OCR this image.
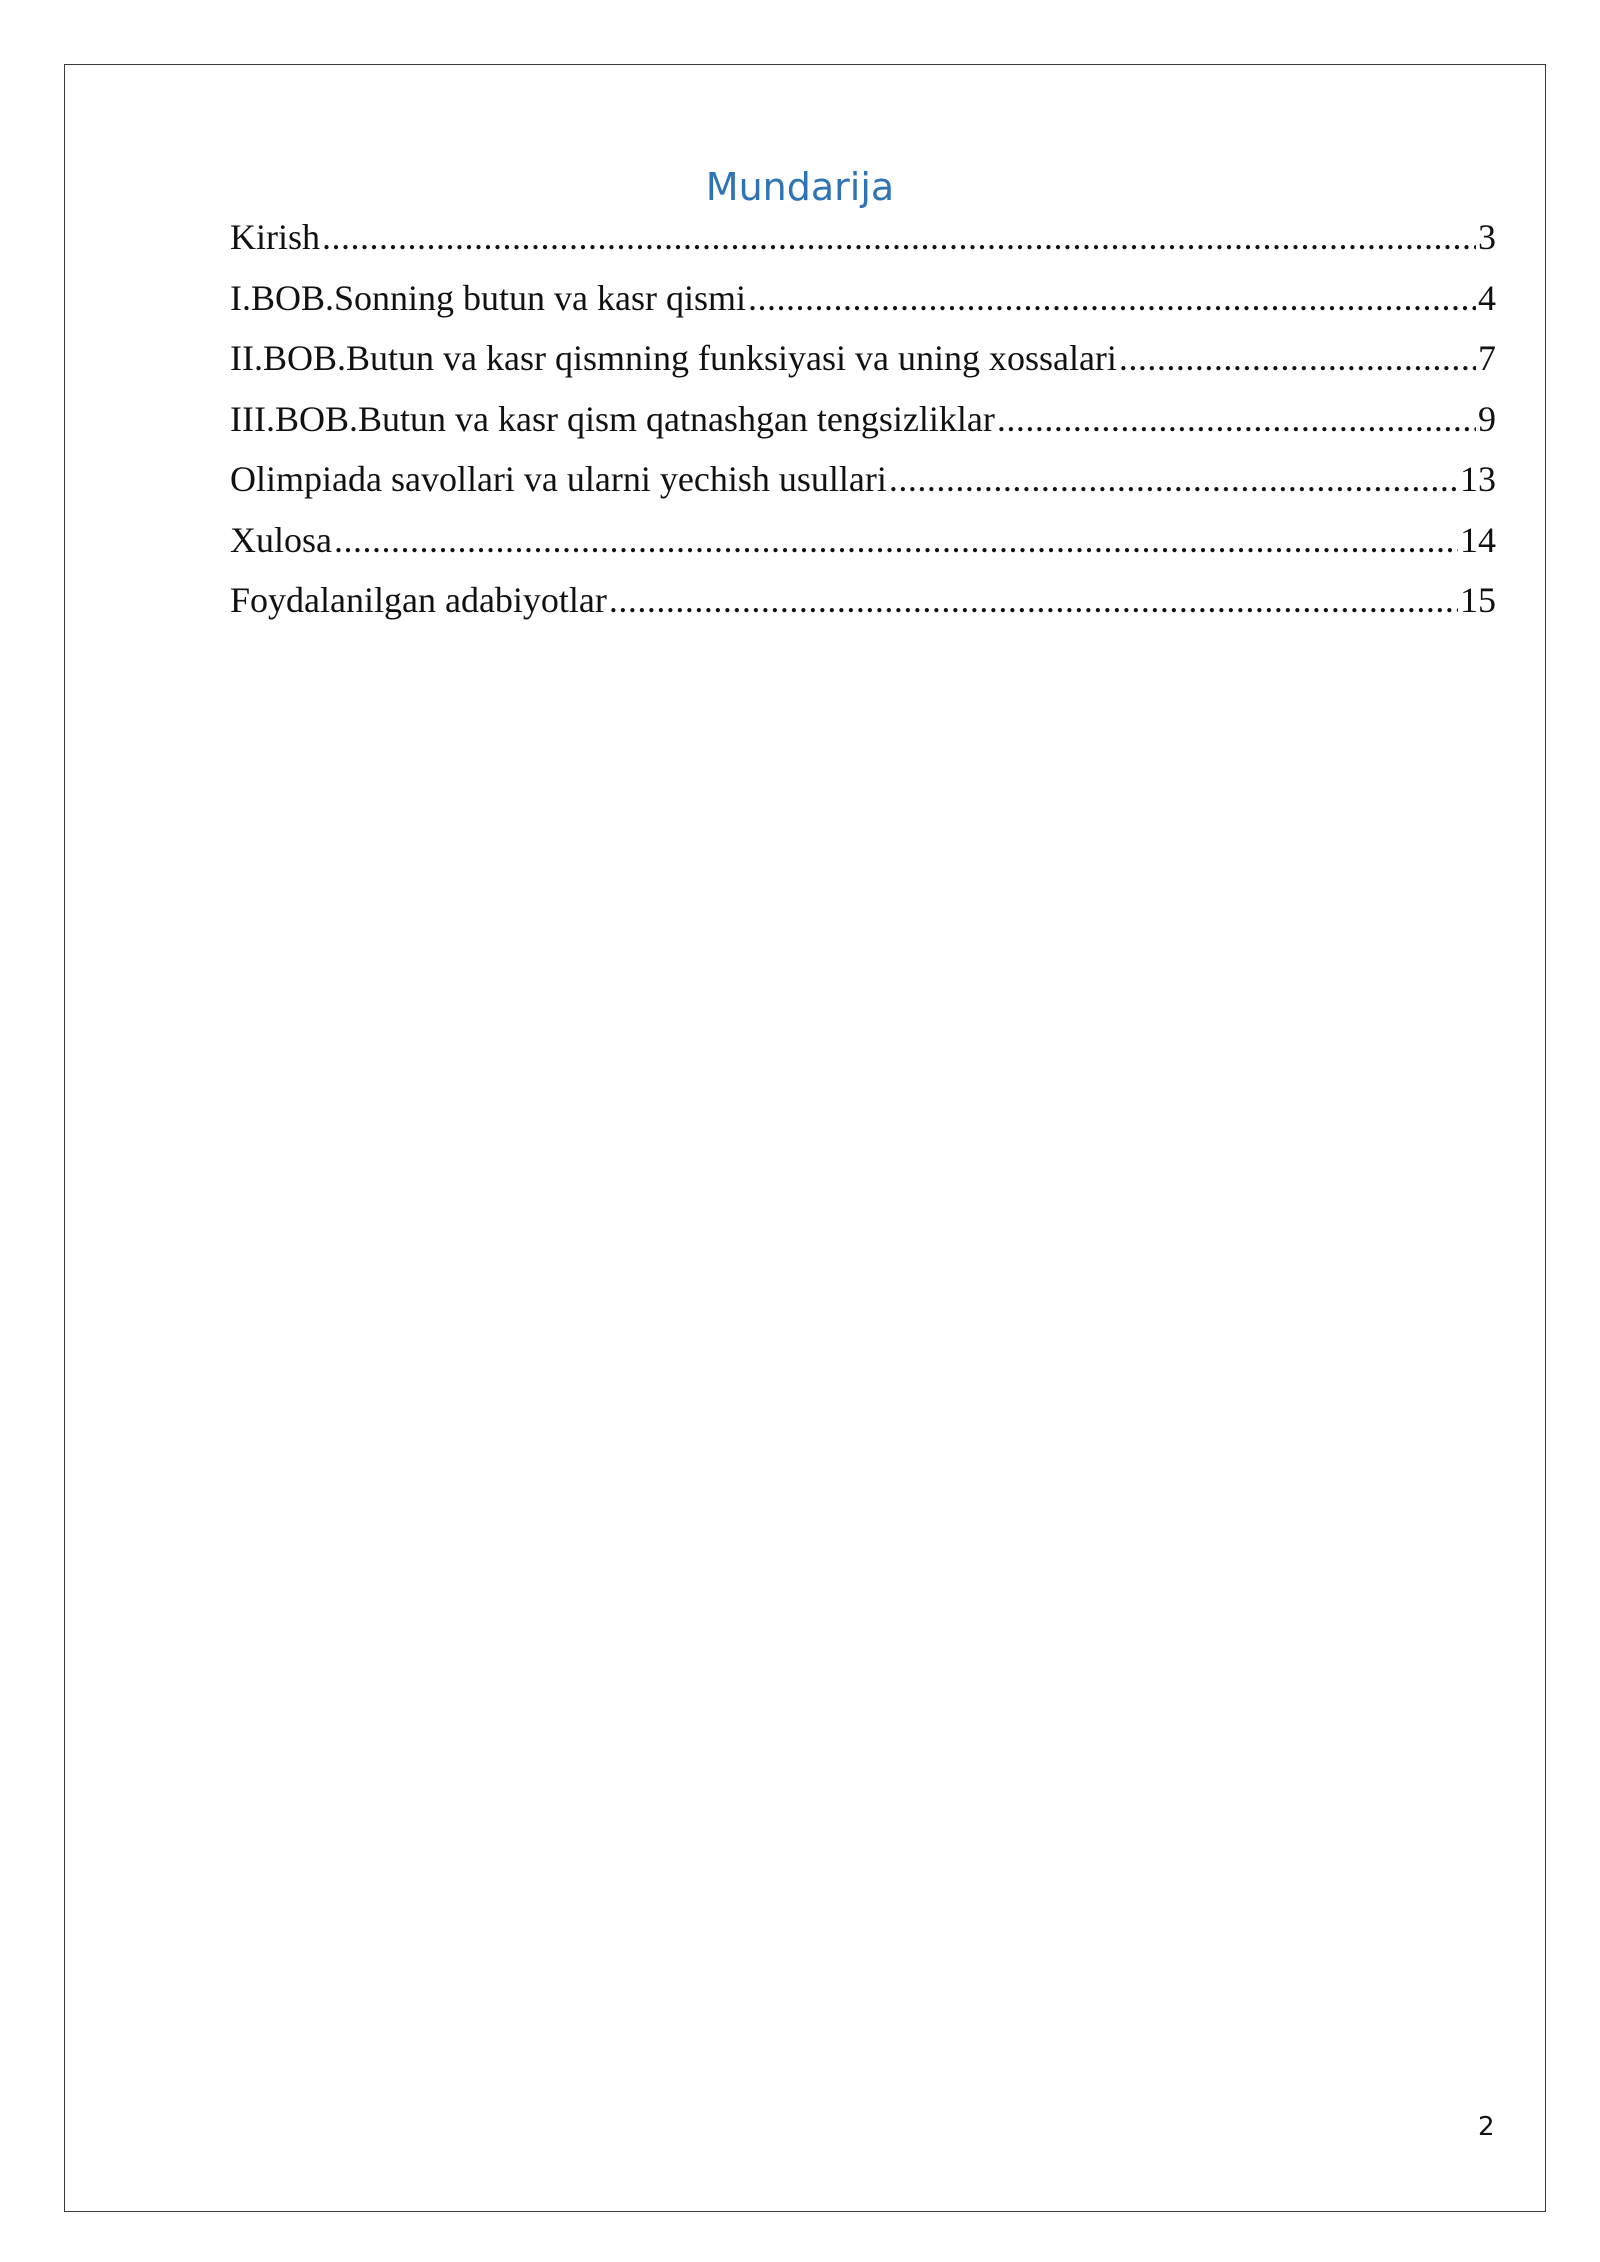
Mundarija
Kirish .....	3
I.BOB.Sonning butun va kasr qismi .....	4
II.BOB.Butun va kasr qismning funksiyasi va uning xossalari .....	7
III.BOB.Butun va kasr qism qatnashgan tengsizliklar .....	9
Olimpiada savollari va ularni yechish usullari .....	13
Xulosa .....	14
Foydalanilgan adabiyotlar .....	15
2
